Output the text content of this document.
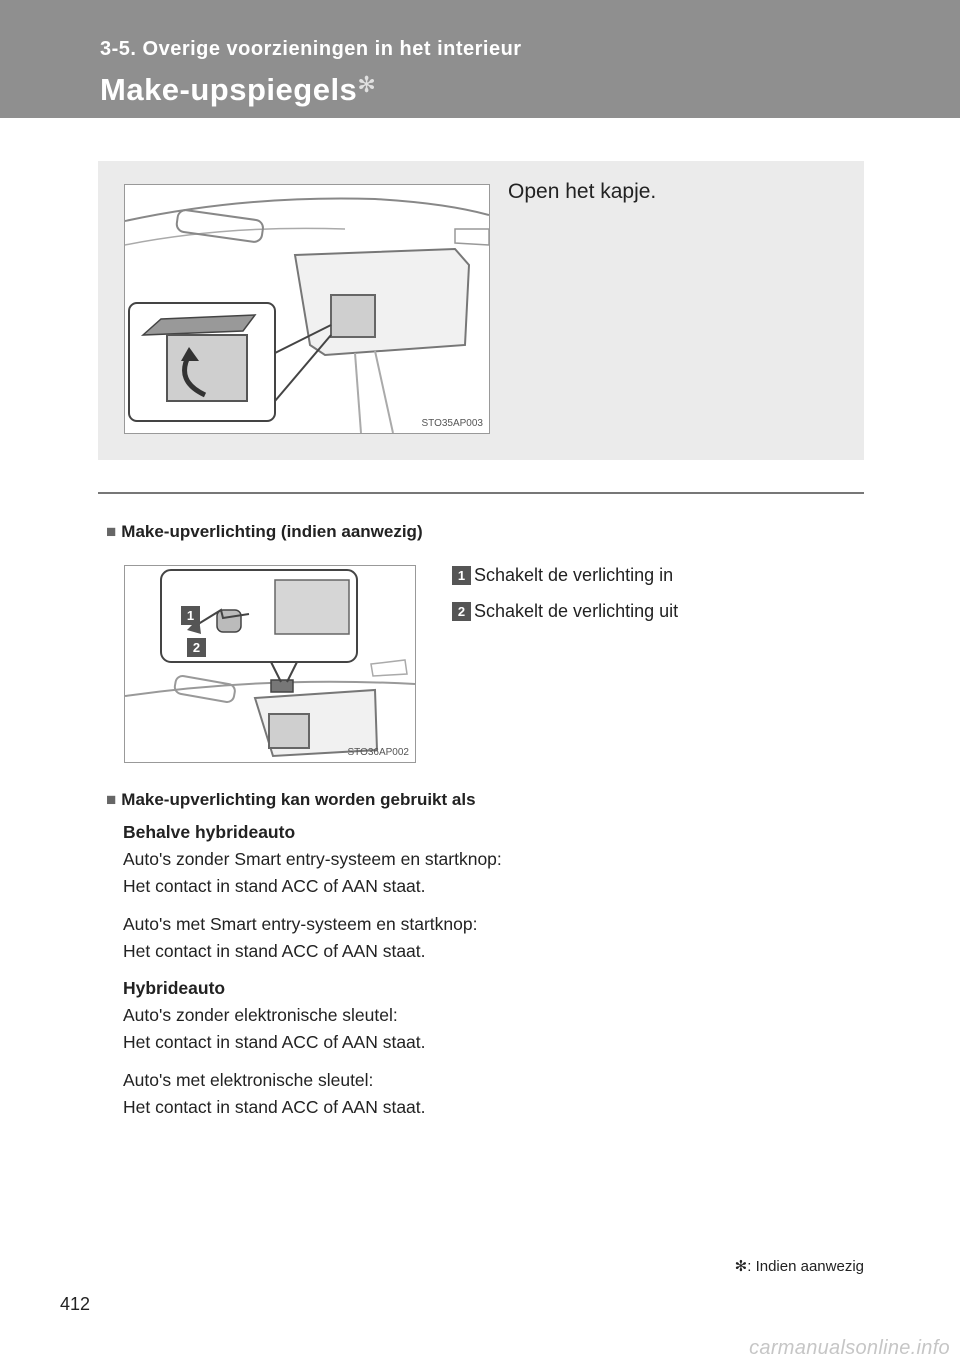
3-5. Overige voorzieningen in het interieur
Make-upspiegels✻
STO35AP003
Open het kapje.
■ Make-upverlichting (indien aanwezig)
1
2
STO36AP002
1 Schakelt de verlichting in
2 Schakelt de verlichting uit
■ Make-upverlichting kan worden gebruikt als
Behalve hybrideauto
Auto's zonder Smart entry-systeem en startknop:
Het contact in stand ACC of AAN staat.
Auto's met Smart entry-systeem en startknop:
Het contact in stand ACC of AAN staat.
Hybrideauto
Auto's zonder elektronische sleutel:
Het contact in stand ACC of AAN staat.
Auto's met elektronische sleutel:
Het contact in stand ACC of AAN staat.
✻: Indien aanwezig
412
carmanualsonline.info
